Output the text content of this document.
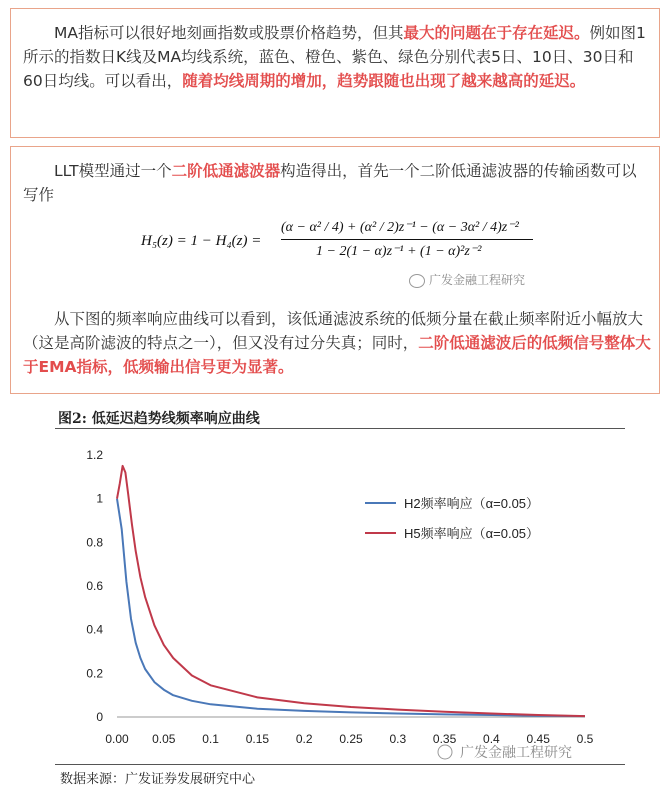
MA指标可以很好地刻画指数或股票价格趋势，但其最大的问题在于存在延迟。例如图1所示的指数日K线及MA均线系统，蓝色、橙色、紫色、绿色分别代表5日、10日、30日和60日均线。可以看出，随着均线周期的增加，趋势跟随也出现了越来越高的延迟。
LLT模型通过一个二阶低通滤波器构造得出，首先一个二阶低通滤波器的传输函数可以写作
H₅(z) = 1 − H₄(z) =
(α − α² / 4) + (α² / 2)z⁻¹ − (α − 3α² / 4)z⁻²
1 − 2(1 − α)z⁻¹ + (1 − α)²z⁻²
广发金融工程研究
从下图的频率响应曲线可以看到，该低通滤波系统的低频分量在截止频率附近小幅放大（这是高阶滤波的特点之一），但又没有过分失真；同时，二阶低通滤波后的低频信号整体大于EMA指标，低频输出信号更为显著。
图2: 低延迟趋势线频率响应曲线
0
0.2
0.4
0.6
0.8
1
1.2
0.00 0.05 0.1 0.15 0.2 0.25 0.3 0.35 0.4 0.45 0.5
H2频率响应（α=0.05）
H5频率响应（α=0.05）
广发金融工程研究
数据来源：广发证券发展研究中心
